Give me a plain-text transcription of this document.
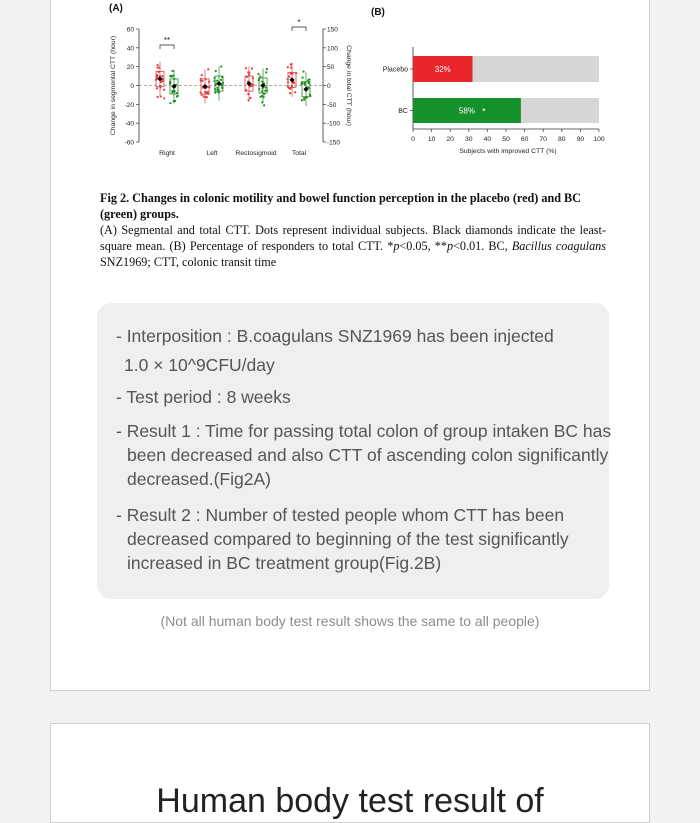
(A)	(B)
60
40
20
0
-20
-40
-60
150
100
50
0
-50
-100
-150
Change in segmental CTT (hour)	Change in total CTT (hour)
Right	Left	Rectosigmoid Total
**
*
0 10 20 30 40 50 60 70 80 90 100
Subjects with improved CTT (%)
Placebo	32%
BC	58% *
Fig 2. Changes in colonic motility and bowel function perception in the placebo (red) and BC (green) groups.
(A) Segmental and total CTT. Dots represent individual subjects. Black diamonds indicate the least-square mean. (B) Percentage of responders to total CTT. *p<0.05, **p<0.01. BC, Bacillus coagulans SNZ1969; CTT, colonic transit time
- Interposition : B.coagulans SNZ1969 has been injected
1.0 × 10^9CFU/day
- Test period : 8 weeks
- Result 1 : Time for passing total colon of group intaken BC has
been decreased and also CTT of ascending colon significantly
decreased.(Fig2A)
- Result 2 : Number of tested people whom CTT has been
decreased compared to beginning of the test significantly
increased in BC treatment group(Fig.2B)
(Not all human body test result shows the same to all people)
Human body test result of
